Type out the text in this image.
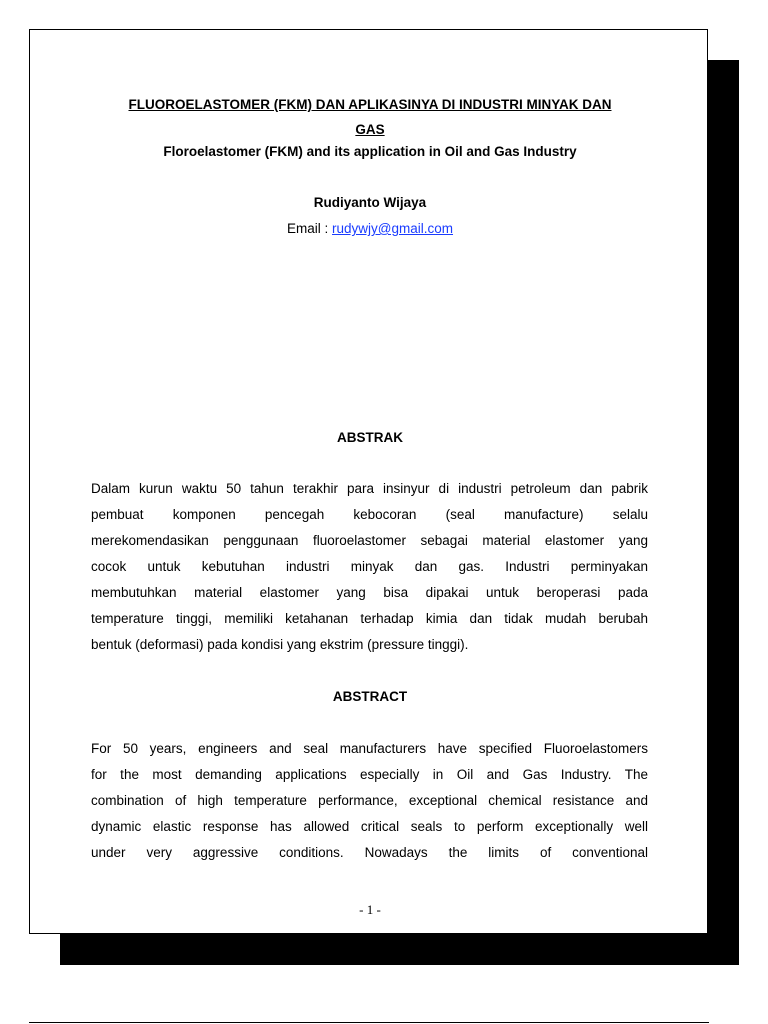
FLUOROELASTOMER (FKM) DAN APLIKASINYA DI INDUSTRI MINYAK DAN
GAS
Floroelastomer (FKM) and its application in Oil and Gas Industry
Rudiyanto Wijaya
Email : rudywjy@gmail.com
ABSTRAK
Dalam kurun waktu 50 tahun terakhir para insinyur di industri petroleum dan pabrik
pembuat komponen pencegah kebocoran (seal manufacture) selalu
merekomendasikan penggunaan fluoroelastomer sebagai material elastomer yang
cocok untuk kebutuhan industri minyak dan gas. Industri perminyakan
membutuhkan material elastomer yang bisa dipakai untuk beroperasi pada
temperature tinggi, memiliki ketahanan terhadap kimia dan tidak mudah berubah
bentuk (deformasi) pada kondisi yang ekstrim (pressure tinggi).
ABSTRACT
For 50 years, engineers and seal manufacturers have specified Fluoroelastomers
for the most demanding applications especially in Oil and Gas Industry. The
combination of high temperature performance, exceptional chemical resistance and
dynamic elastic response has allowed critical seals to perform exceptionally well
under very aggressive conditions. Nowadays the limits of conventional
- 1 -
